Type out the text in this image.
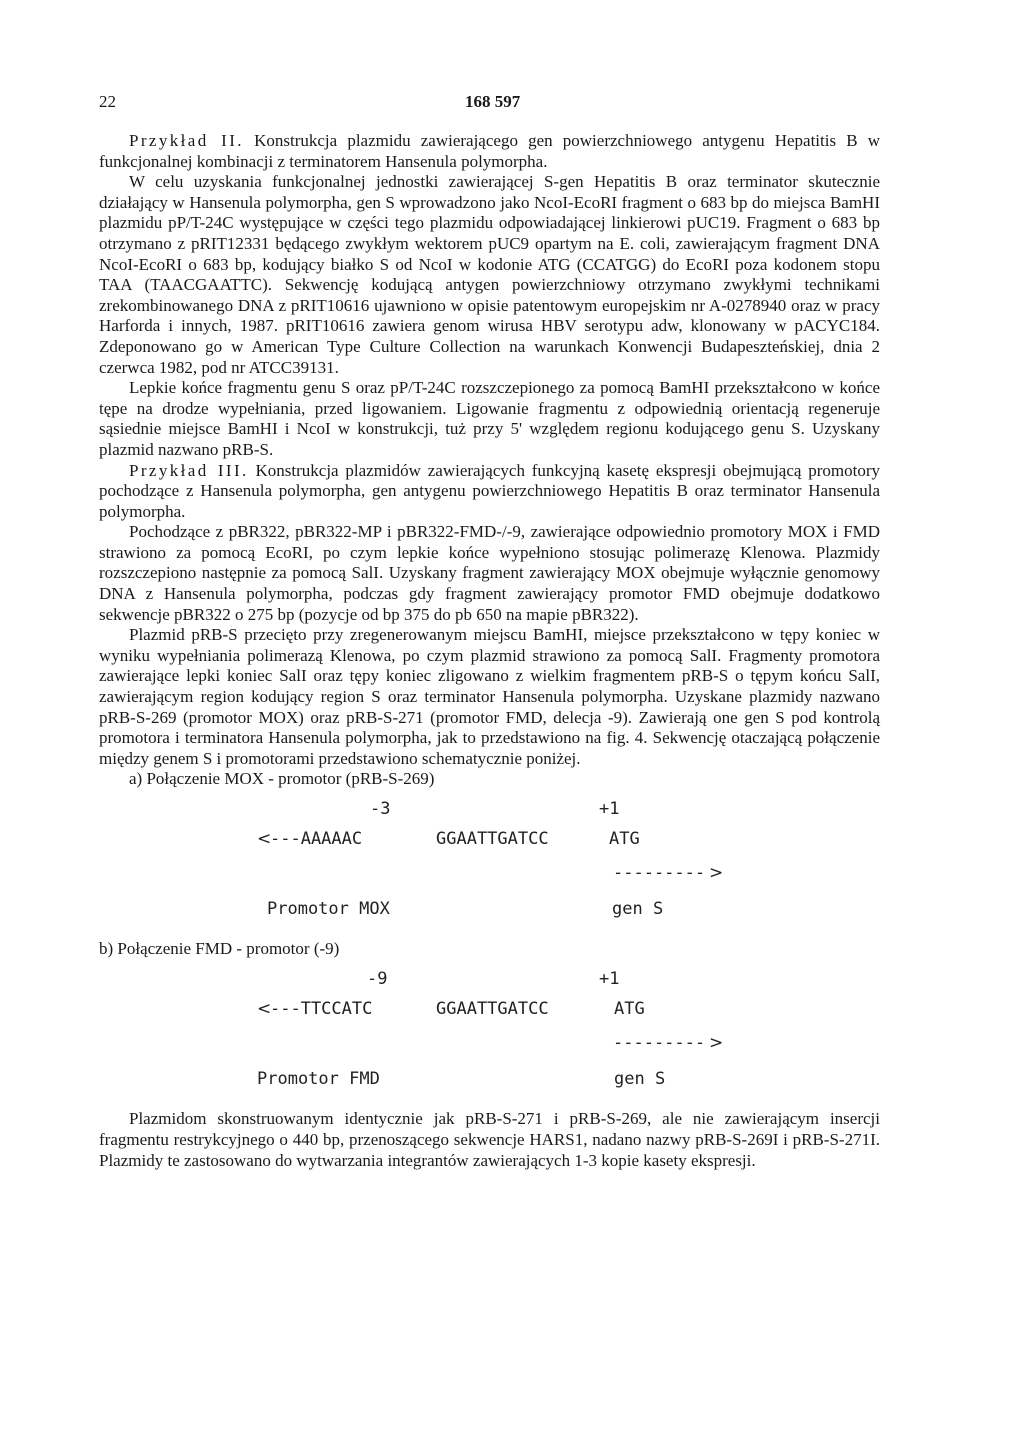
22	168 597

Przykład II. Konstrukcja plazmidu zawierającego gen powierzchniowego antygenu Hepatitis B w funkcjonalnej kombinacji z terminatorem Hansenula polymorpha.

W celu uzyskania funkcjonalnej jednostki zawierającej S-gen Hepatitis B oraz terminator skutecznie działający w Hansenula polymorpha, gen S wprowadzono jako NcoI-EcoRI fragment o 683 bp do miejsca BamHI plazmidu pP/T-24C występujące w części tego plazmidu odpowiadającej linkierowi pUC19. Fragment o 683 bp otrzymano z pRIT12331 będącego zwykłym wektorem pUC9 opartym na E. coli, zawierającym fragment DNA NcoI-EcoRI o 683 bp, kodujący białko S od NcoI w kodonie ATG (CCATGG) do EcoRI poza kodonem stopu TAA (TAACGAATTC). Sekwencję kodującą antygen powierzchniowy otrzymano zwykłymi technikami zrekombinowanego DNA z pRIT10616 ujawniono w opisie patentowym europejskim nr A-0278940 oraz w pracy Harforda i innych, 1987. pRIT10616 zawiera genom wirusa HBV serotypu adw, klonowany w pACYC184. Zdeponowano go w American Type Culture Collection na warunkach Konwencji Budapeszteńskiej, dnia 2 czerwca 1982, pod nr ATCC39131.

Lepkie końce fragmentu genu S oraz pP/T-24C rozszczepionego za pomocą BamHI przekształcono w końce tępe na drodze wypełniania, przed ligowaniem. Ligowanie fragmentu z odpowiednią orientacją regeneruje sąsiednie miejsce BamHI i NcoI w konstrukcji, tuż przy 5' względem regionu kodującego genu S. Uzyskany plazmid nazwano pRB-S.

Przykład III. Konstrukcja plazmidów zawierających funkcyjną kasetę ekspresji obejmującą promotory pochodzące z Hansenula polymorpha, gen antygenu powierzchniowego Hepatitis B oraz terminator Hansenula polymorpha.

Pochodzące z pBR322, pBR322-MP i pBR322-FMD-/-9, zawierające odpowiednio promotory MOX i FMD strawiono za pomocą EcoRI, po czym lepkie końce wypełniono stosując polimerazę Klenowa. Plazmidy rozszczepiono następnie za pomocą SalI. Uzyskany fragment zawierający MOX obejmuje wyłącznie genomowy DNA z Hansenula polymorpha, podczas gdy fragment zawierający promotor FMD obejmuje dodatkowo sekwencje pBR322 o 275 bp (pozycje od bp 375 do pb 650 na mapie pBR322).

Plazmid pRB-S przecięto przy zregenerowanym miejscu BamHI, miejsce przekształcono w tępy koniec w wyniku wypełniania polimerazą Klenowa, po czym plazmid strawiono za pomocą SalI. Fragmenty promotora zawierające lepki koniec SalI oraz tępy koniec zligowano z wielkim fragmentem pRB-S o tępym końcu SalI, zawierającym region kodujący region S oraz terminator Hansenula polymorpha. Uzyskane plazmidy nazwano pRB-S-269 (promotor MOX) oraz pRB-S-271 (promotor FMD, delecja -9). Zawierają one gen S pod kontrolą promotora i terminatora Hansenula polymorpha, jak to przedstawiono na fig. 4. Sekwencję otaczającą połączenie między genem S i promotorami przedstawiono schematycznie poniżej.

a) Połączenie MOX - promotor (pRB-S-269)

-3	+1
<
---AAAAAC	GGAATTGATCC	ATG
--------- >
Promotor MOX	gen S

b) Połączenie FMD - promotor (-9)

-9	+1
<
---TTCCATC	GGAATTGATCC	ATG
--------- >
Promotor FMD	gen S

Plazmidom skonstruowanym identycznie jak pRB-S-271 i pRB-S-269, ale nie zawierającym insercji fragmentu restrykcyjnego o 440 bp, przenoszącego sekwencje HARS1, nadano nazwy pRB-S-269I i pRB-S-271I. Plazmidy te zastosowano do wytwarzania integrantów zawierających 1-3 kopie kasety ekspresji.
